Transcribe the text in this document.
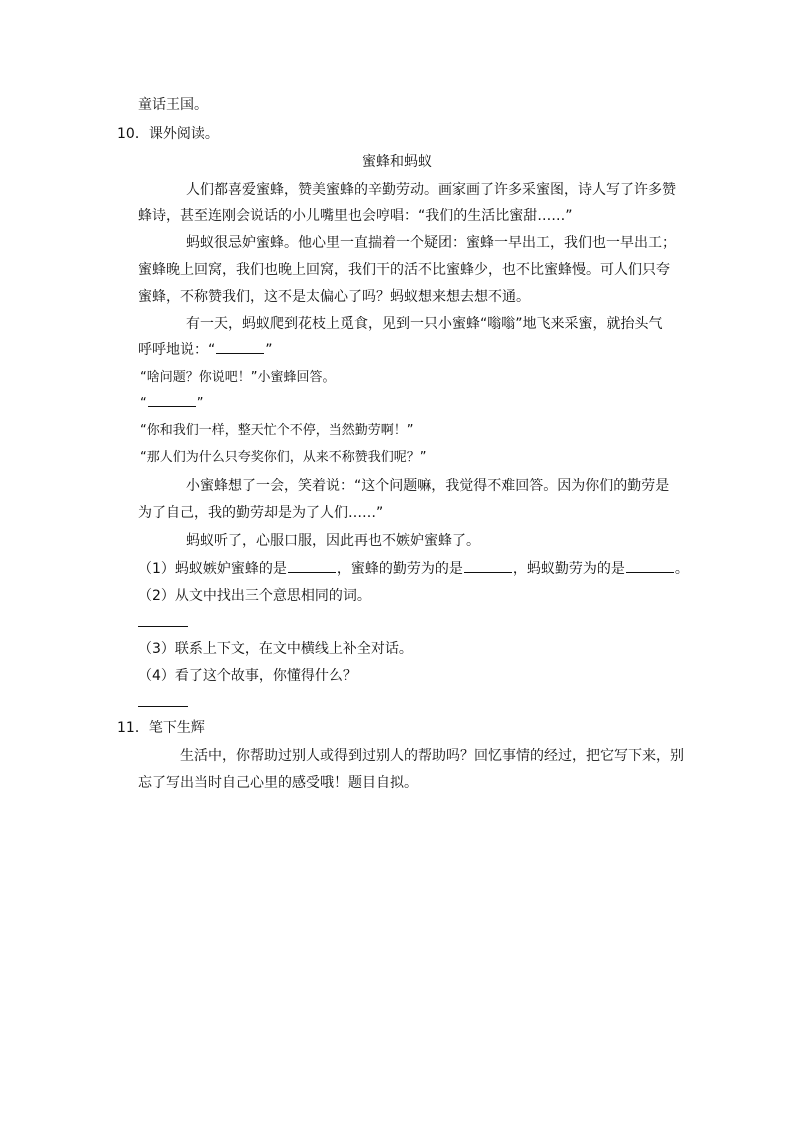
童话王国。
10．课外阅读。
蜜蜂和蚂蚁
人们都喜爱蜜蜂，赞美蜜蜂的辛勤劳动。画家画了许多采蜜图，诗人写了许多赞
蜂诗，甚至连刚会说话的小儿嘴里也会哼唱：“我们的生活比蜜甜……”
蚂蚁很忌妒蜜蜂。他心里一直揣着一个疑团：蜜蜂一早出工，我们也一早出工；
蜜蜂晚上回窝，我们也晚上回窝，我们干的活不比蜜蜂少，也不比蜜蜂慢。可人们只夸
蜜蜂，不称赞我们，这不是太偏心了吗？蚂蚁想来想去想不通。
有一天，蚂蚁爬到花枝上觅食，见到一只小蜜蜂“嗡嗡”地飞来采蜜，就抬头气
呼呼地说：“	”
“啥问题？你说吧！”小蜜蜂回答。
“	”
“你和我们一样，整天忙个不停，当然勤劳啊！”
“那人们为什么只夸奖你们，从来不称赞我们呢？”
小蜜蜂想了一会，笑着说：“这个问题嘛，我觉得不难回答。因为你们的勤劳是
为了自己，我的勤劳却是为了人们……”
蚂蚁听了，心服口服，因此再也不嫉妒蜜蜂了。
（1）蚂蚁嫉妒蜜蜂的是	，蜜蜂的勤劳为的是	，蚂蚁勤劳为的是	。
（2）从文中找出三个意思相同的词。
（3）联系上下文，在文中横线上补全对话。
（4）看了这个故事，你懂得什么？
11．笔下生辉
生活中，你帮助过别人或得到过别人的帮助吗？回忆事情的经过，把它写下来，别
忘了写出当时自己心里的感受哦！题目自拟。
